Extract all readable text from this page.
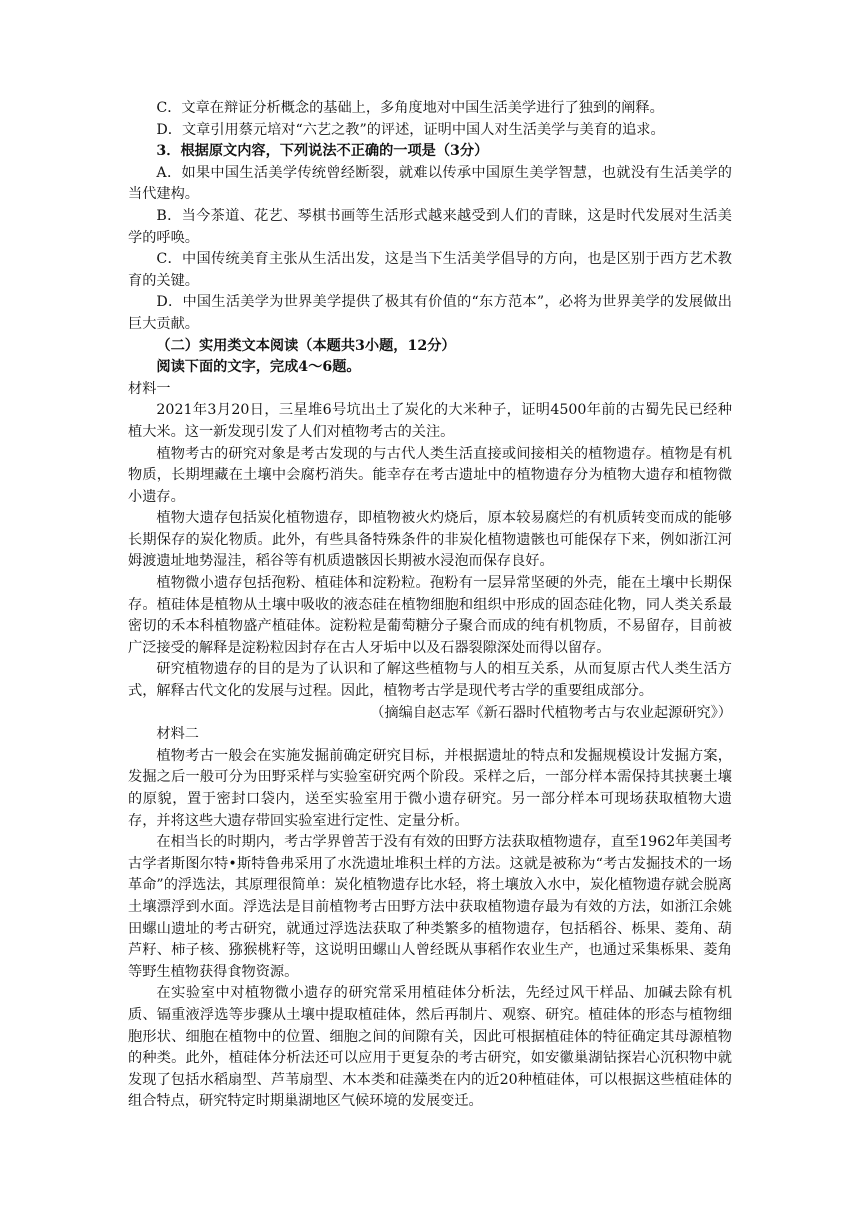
C．文章在辩证分析概念的基础上，多角度地对中国生活美学进行了独到的阐释。

D．文章引用蔡元培对“六艺之教”的评述，证明中国人对生活美学与美育的追求。

3．根据原文内容，下列说法不正确的一项是（3分）

A．如果中国生活美学传统曾经断裂，就难以传承中国原生美学智慧，也就没有生活美学的当代建构。

B．当今茶道、花艺、琴棋书画等生活形式越来越受到人们的青睐，这是时代发展对生活美学的呼唤。

C．中国传统美育主张从生活出发，这是当下生活美学倡导的方向，也是区别于西方艺术教育的关键。

D．中国生活美学为世界美学提供了极其有价值的“东方范本”，必将为世界美学的发展做出巨大贡献。

（二）实用类文本阅读（本题共3小题，12分）

阅读下面的文字，完成4～6题。

材料一

2021年3月20日，三星堆6号坑出土了炭化的大米种子，证明4500年前的古蜀先民已经种植大米。这一新发现引发了人们对植物考古的关注。

植物考古的研究对象是考古发现的与古代人类生活直接或间接相关的植物遗存。植物是有机物质，长期埋藏在土壤中会腐朽消失。能幸存在考古遗址中的植物遗存分为植物大遗存和植物微小遗存。

植物大遗存包括炭化植物遗存，即植物被火灼烧后，原本较易腐烂的有机质转变而成的能够长期保存的炭化物质。此外，有些具备特殊条件的非炭化植物遗骸也可能保存下来，例如浙江河姆渡遗址地势湿洼，稻谷等有机质遗骸因长期被水浸泡而保存良好。

植物微小遗存包括孢粉、植硅体和淀粉粒。孢粉有一层异常坚硬的外壳，能在土壤中长期保存。植硅体是植物从土壤中吸收的液态硅在植物细胞和组织中形成的固态硅化物，同人类关系最密切的禾本科植物盛产植硅体。淀粉粒是葡萄糖分子聚合而成的纯有机物质，不易留存，目前被广泛接受的解释是淀粉粒因封存在古人牙垢中以及石器裂隙深处而得以留存。

研究植物遗存的目的是为了认识和了解这些植物与人的相互关系，从而复原古代人类生活方式，解释古代文化的发展与过程。因此，植物考古学是现代考古学的重要组成部分。

（摘编自赵志军《新石器时代植物考古与农业起源研究》）

材料二

植物考古一般会在实施发掘前确定研究目标，并根据遗址的特点和发掘规模设计发掘方案，发掘之后一般可分为田野采样与实验室研究两个阶段。采样之后，一部分样本需保持其挟裹土壤的原貌，置于密封口袋内，送至实验室用于微小遗存研究。另一部分样本可现场获取植物大遗存，并将这些大遗存带回实验室进行定性、定量分析。

在相当长的时期内，考古学界曾苦于没有有效的田野方法获取植物遗存，直至1962年美国考古学者斯图尔特•斯特鲁弗采用了水洗遗址堆积土样的方法。这就是被称为“考古发掘技术的一场革命”的浮选法，其原理很简单：炭化植物遗存比水轻，将土壤放入水中，炭化植物遗存就会脱离土壤漂浮到水面。浮选法是目前植物考古田野方法中获取植物遗存最为有效的方法，如浙江余姚田螺山遗址的考古研究，就通过浮选法获取了种类繁多的植物遗存，包括稻谷、栎果、菱角、葫芦籽、柿子核、猕猴桃籽等，这说明田螺山人曾经既从事稻作农业生产，也通过采集栎果、菱角等野生植物获得食物资源。

在实验室中对植物微小遗存的研究常采用植硅体分析法，先经过风干样品、加碱去除有机质、镉重液浮选等步骤从土壤中提取植硅体，然后再制片、观察、研究。植硅体的形态与植物细胞形状、细胞在植物中的位置、细胞之间的间隙有关，因此可根据植硅体的特征确定其母源植物的种类。此外，植硅体分析法还可以应用于更复杂的考古研究，如安徽巢湖钻探岩心沉积物中就发现了包括水稻扇型、芦苇扇型、木本类和硅藻类在内的近20种植硅体，可以根据这些植硅体的组合特点，研究特定时期巢湖地区气候环境的发展变迁。
